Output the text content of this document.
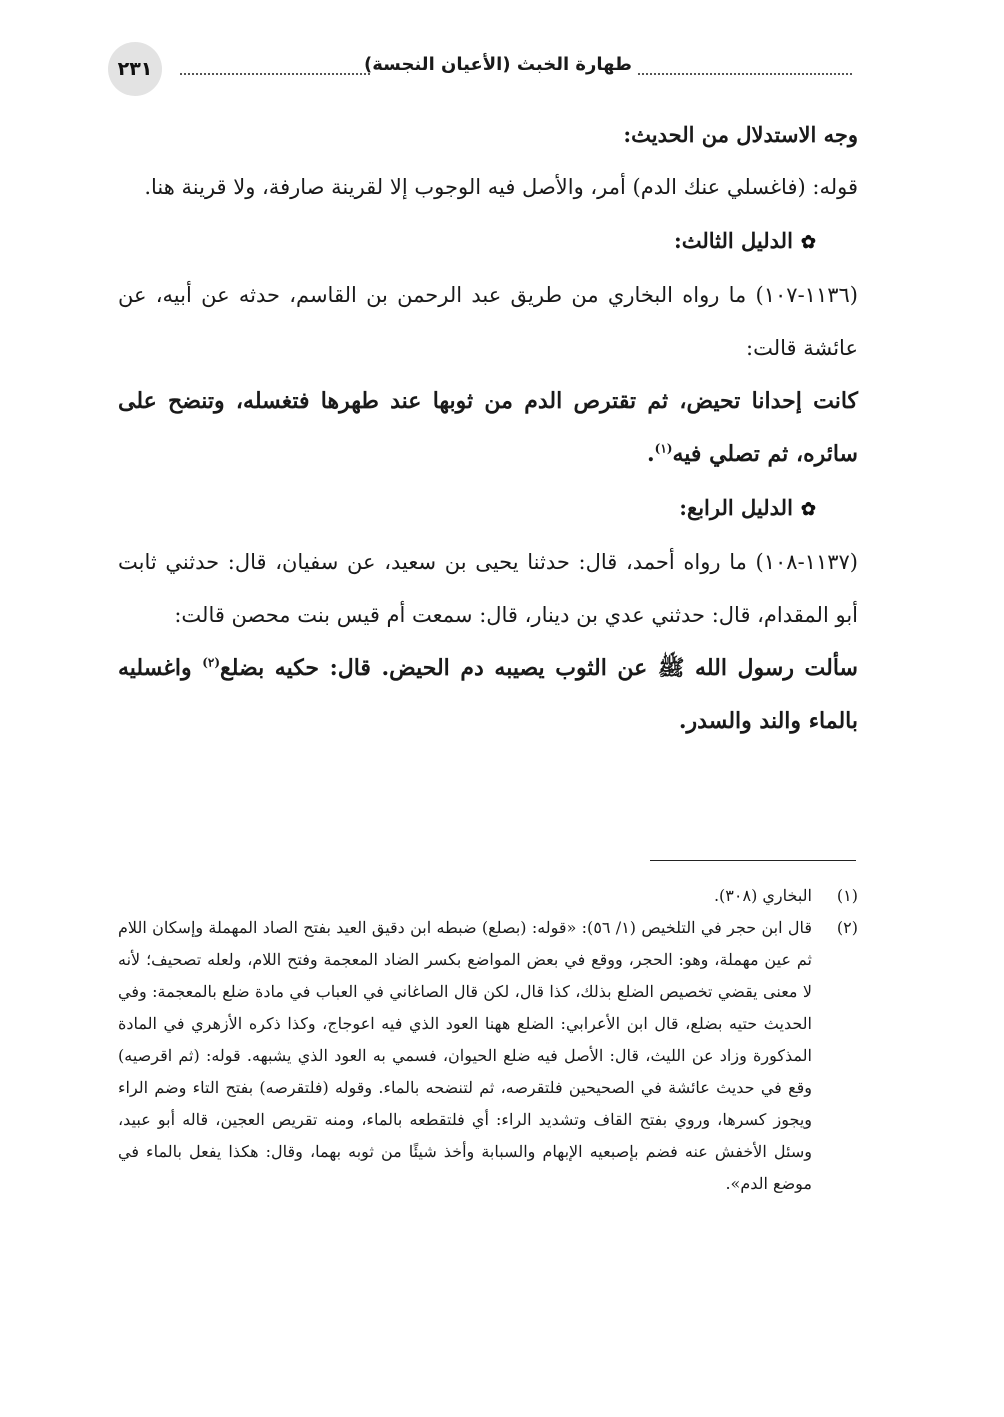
طهارة الخبث (الأعيان النجسة)
٢٣١

وجه الاستدلال من الحديث:

قوله: (فاغسلي عنك الدم) أمر، والأصل فيه الوجوب إلا لقرينة صارفة، ولا قرينة هنا.

✿الدليل الثالث:

(١١٣٦-١٠٧) ما رواه البخاري من طريق عبد الرحمن بن القاسم، حدثه عن أبيه، عن عائشة قالت:

كانت إحدانا تحيض، ثم تقترص الدم من ثوبها عند طهرها فتغسله، وتنضح على سائره، ثم تصلي فيه$^{(١)}$.

✿الدليل الرابع:

(١١٣٧-١٠٨) ما رواه أحمد، قال: حدثنا يحيى بن سعيد، عن سفيان، قال: حدثني ثابت أبو المقدام، قال: حدثني عدي بن دينار، قال: سمعت أم قيس بنت محصن قالت:

سألت رسول الله ﷺ عن الثوب يصيبه دم الحيض. قال: حكيه بضلع$^{(٢)}$ واغسليه بالماء والند والسدر.

(١)
البخاري (٣٠٨).
(٢)
قال ابن حجر في التلخيص (١/ ٥٦): «قوله: (بصلع) ضبطه ابن دقيق العيد بفتح الصاد المهملة وإسكان اللام ثم عين مهملة، وهو: الحجر، ووقع في بعض المواضع بكسر الضاد المعجمة وفتح اللام، ولعله تصحيف؛ لأنه لا معنى يقضي تخصيص الضلع بذلك، كذا قال، لكن قال الصاغاني في العباب في مادة ضلع بالمعجمة: وفي الحديث حتيه بضلع، قال ابن الأعرابي: الضلع ههنا العود الذي فيه اعوجاج، وكذا ذكره الأزهري في المادة المذكورة وزاد عن الليث، قال: الأصل فيه ضلع الحيوان، فسمي به العود الذي يشبهه. قوله: (ثم اقرصيه) وقع في حديث عائشة في الصحيحين فلتقرصه، ثم لتنضحه بالماء. وقوله (فلتقرصه) بفتح التاء وضم الراء ويجوز كسرها، وروي بفتح القاف وتشديد الراء: أي فلتقطعه بالماء، ومنه تقريص العجين، قاله أبو عبيد، وسئل الأخفش عنه فضم بإصبعيه الإبهام والسبابة وأخذ شيئًا من ثوبه بهما، وقال: هكذا يفعل بالماء في موضع الدم».
